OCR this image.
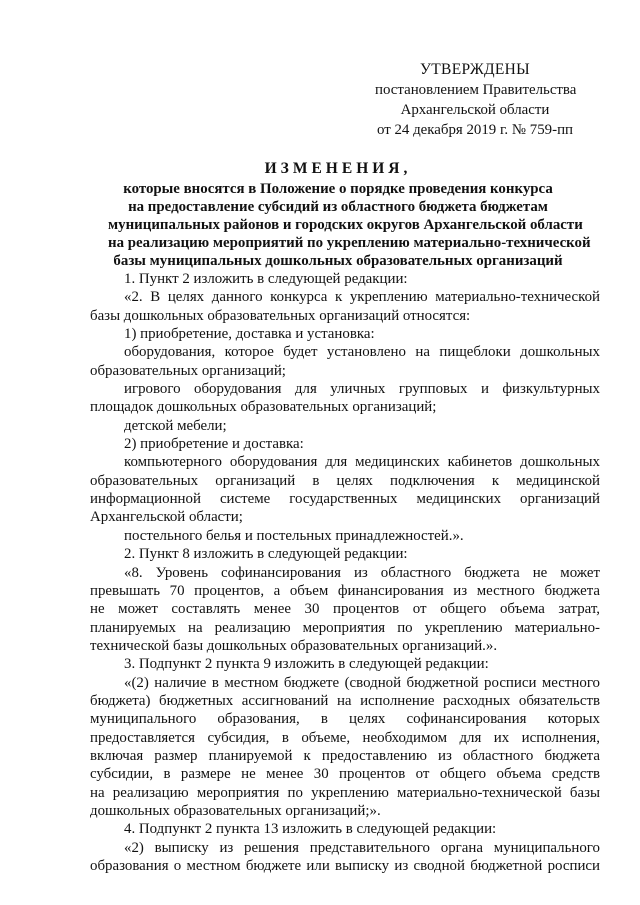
УТВЕРЖДЕНЫ
постановлением Правительства
Архангельской области
от 24 декабря 2019 г. № 759-пп
ИЗМЕНЕНИЯ,
которые вносятся в Положение о порядке проведения конкурса
на предоставление субсидий из областного бюджета бюджетам
муниципальных районов и городских округов Архангельской области
на реализацию мероприятий по укреплению материально-технической
базы муниципальных дошкольных образовательных организаций
1. Пункт 2 изложить в следующей редакции:
«2. В целях данного конкурса к укреплению материально-технической
базы дошкольных образовательных организаций относятся:
1) приобретение, доставка и установка:
оборудования, которое будет установлено на пищеблоки дошкольных
образовательных организаций;
игрового оборудования для уличных групповых и физкультурных
площадок дошкольных образовательных организаций;
детской мебели;
2) приобретение и доставка:
компьютерного оборудования для медицинских кабинетов дошкольных
образовательных организаций в целях подключения к медицинской
информационной системе государственных медицинских организаций
Архангельской области;
постельного белья и постельных принадлежностей.».
2. Пункт 8 изложить в следующей редакции:
«8. Уровень софинансирования из областного бюджета не может
превышать 70 процентов, а объем финансирования из местного бюджета
не может составлять менее 30 процентов от общего объема затрат,
планируемых на реализацию мероприятия по укреплению материально-
технической базы дошкольных образовательных организаций.».
3. Подпункт 2 пункта 9 изложить в следующей редакции:
«(2) наличие в местном бюджете (сводной бюджетной росписи местного
бюджета) бюджетных ассигнований на исполнение расходных обязательств
муниципального образования, в целях софинансирования которых
предоставляется субсидия, в объеме, необходимом для их исполнения,
включая размер планируемой к предоставлению из областного бюджета
субсидии, в размере не менее 30 процентов от общего объема средств
на реализацию мероприятия по укреплению материально-технической базы
дошкольных образовательных организаций;».
4. Подпункт 2 пункта 13 изложить в следующей редакции:
«2) выписку из решения представительного органа муниципального
образования о местном бюджете или выписку из сводной бюджетной росписи
